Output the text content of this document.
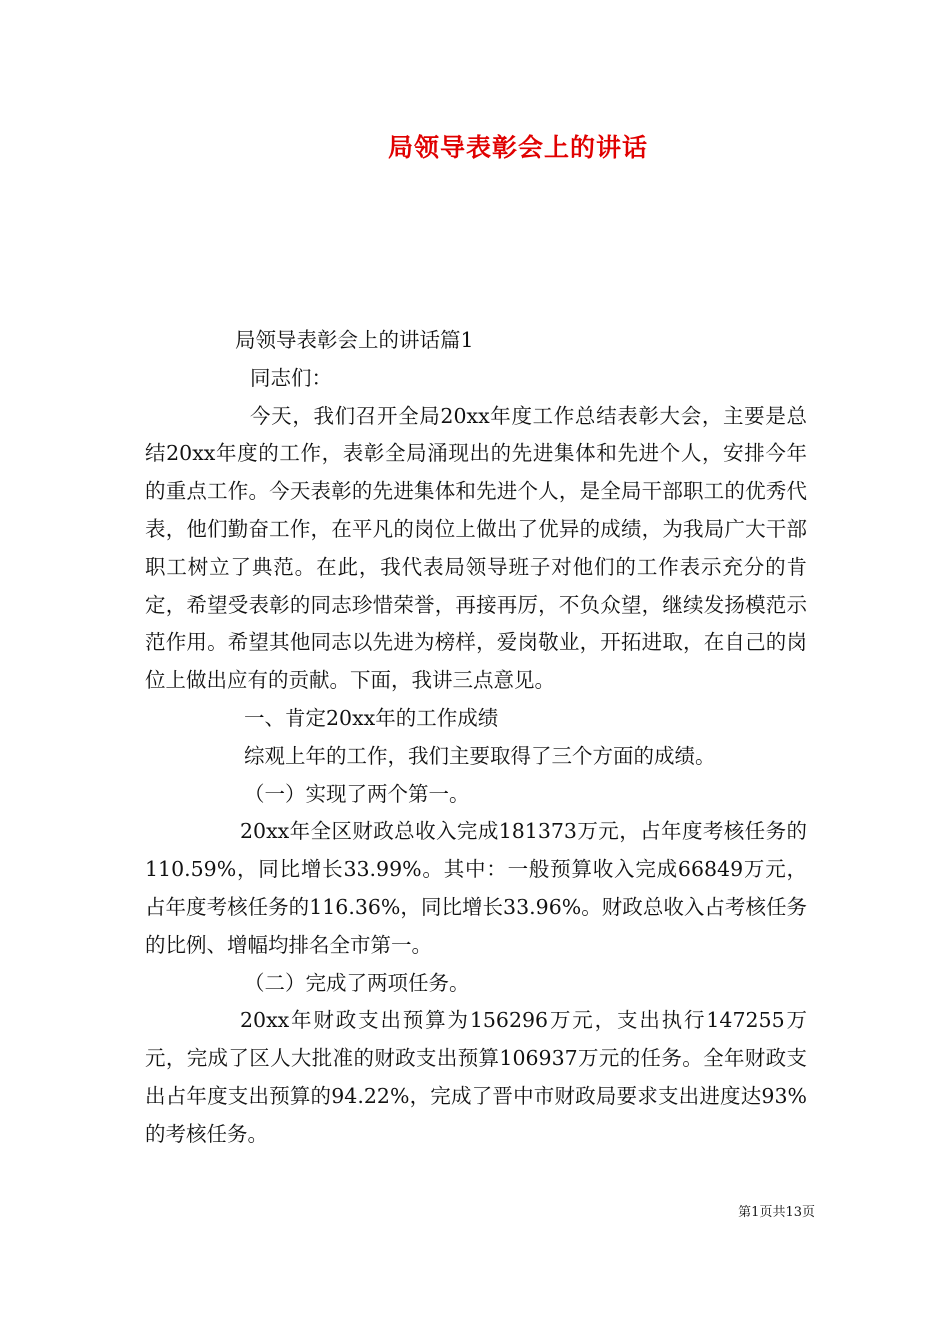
局领导表彰会上的讲话

局领导表彰会上的讲话篇1

同志们：

今天，我们召开全局20xx年度工作总结表彰大会，主要是总结20xx年度的工作，表彰全局涌现出的先进集体和先进个人，安排今年的重点工作。今天表彰的先进集体和先进个人，是全局干部职工的优秀代表，他们勤奋工作，在平凡的岗位上做出了优异的成绩，为我局广大干部职工树立了典范。在此，我代表局领导班子对他们的工作表示充分的肯定，希望受表彰的同志珍惜荣誉，再接再厉，不负众望，继续发扬模范示范作用。希望其他同志以先进为榜样，爱岗敬业，开拓进取，在自己的岗位上做出应有的贡献。下面，我讲三点意见。

一、肯定20xx年的工作成绩

综观上年的工作，我们主要取得了三个方面的成绩。

（一）实现了两个第一。

20xx年全区财政总收入完成181373万元，占年度考核任务的110.59%，同比增长33.99%。其中：一般预算收入完成66849万元，占年度考核任务的116.36%，同比增长33.96%。财政总收入占考核任务的比例、增幅均排名全市第一。

（二）完成了两项任务。

20xx年财政支出预算为156296万元，支出执行147255万元，完成了区人大批准的财政支出预算106937万元的任务。全年财政支出占年度支出预算的94.22%，完成了晋中市财政局要求支出进度达93%的考核任务。

第1页共13页
